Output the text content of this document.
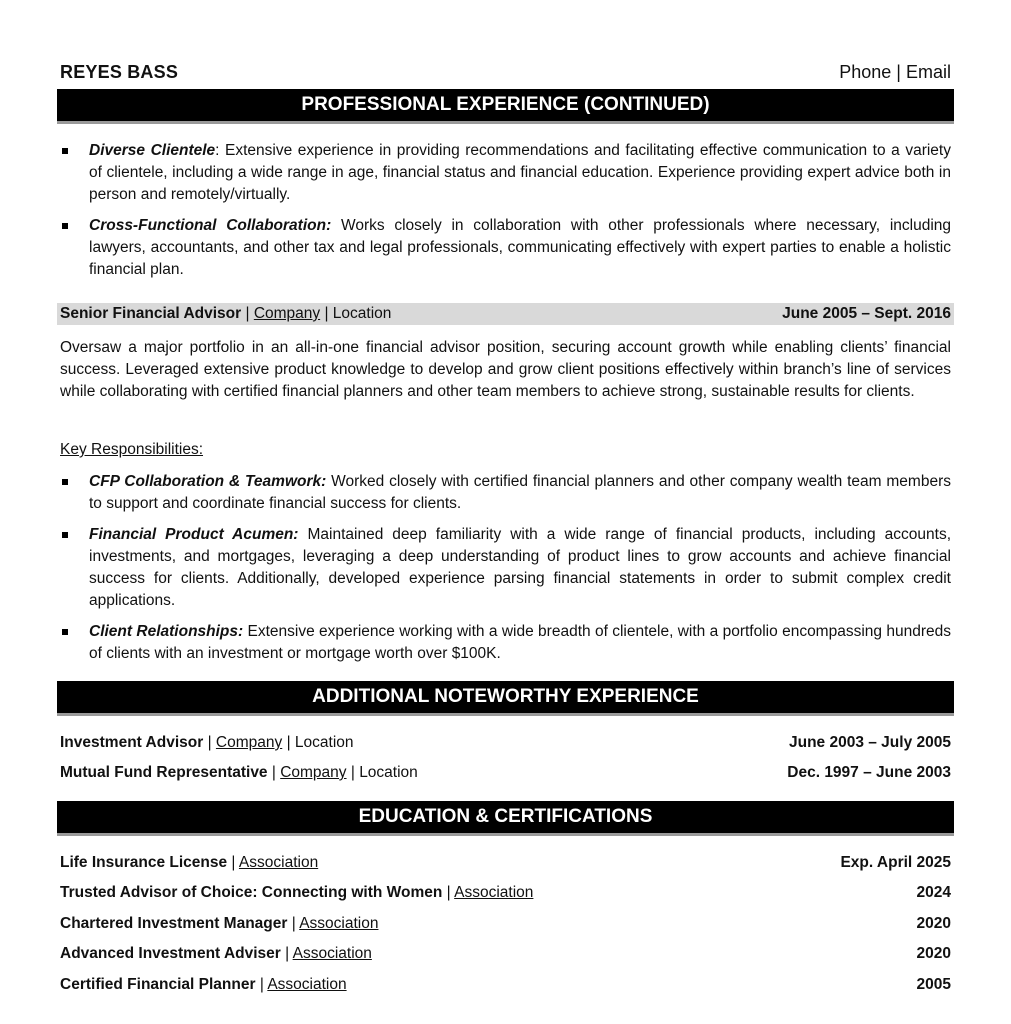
REYES BASS	Phone | Email
PROFESSIONAL EXPERIENCE (CONTINUED)
Diverse Clientele: Extensive experience in providing recommendations and facilitating effective communication to a variety of clientele, including a wide range in age, financial status and financial education. Experience providing expert advice both in person and remotely/virtually.
Cross-Functional Collaboration: Works closely in collaboration with other professionals where necessary, including lawyers, accountants, and other tax and legal professionals, communicating effectively with expert parties to enable a holistic financial plan.
Senior Financial Advisor | Company | Location	June 2005 – Sept. 2016
Oversaw a major portfolio in an all-in-one financial advisor position, securing account growth while enabling clients’ financial success. Leveraged extensive product knowledge to develop and grow client positions effectively within branch’s line of services while collaborating with certified financial planners and other team members to achieve strong, sustainable results for clients.
Key Responsibilities:
CFP Collaboration & Teamwork: Worked closely with certified financial planners and other company wealth team members to support and coordinate financial success for clients.
Financial Product Acumen: Maintained deep familiarity with a wide range of financial products, including accounts, investments, and mortgages, leveraging a deep understanding of product lines to grow accounts and achieve financial success for clients. Additionally, developed experience parsing financial statements in order to submit complex credit applications.
Client Relationships: Extensive experience working with a wide breadth of clientele, with a portfolio encompassing hundreds of clients with an investment or mortgage worth over $100K.
ADDITIONAL NOTEWORTHY EXPERIENCE
Investment Advisor | Company | Location	June 2003 – July 2005
Mutual Fund Representative | Company | Location	Dec. 1997 – June 2003
EDUCATION & CERTIFICATIONS
Life Insurance License | Association	Exp. April 2025
Trusted Advisor of Choice: Connecting with Women | Association	2024
Chartered Investment Manager | Association	2020
Advanced Investment Adviser | Association	2020
Certified Financial Planner | Association	2005
